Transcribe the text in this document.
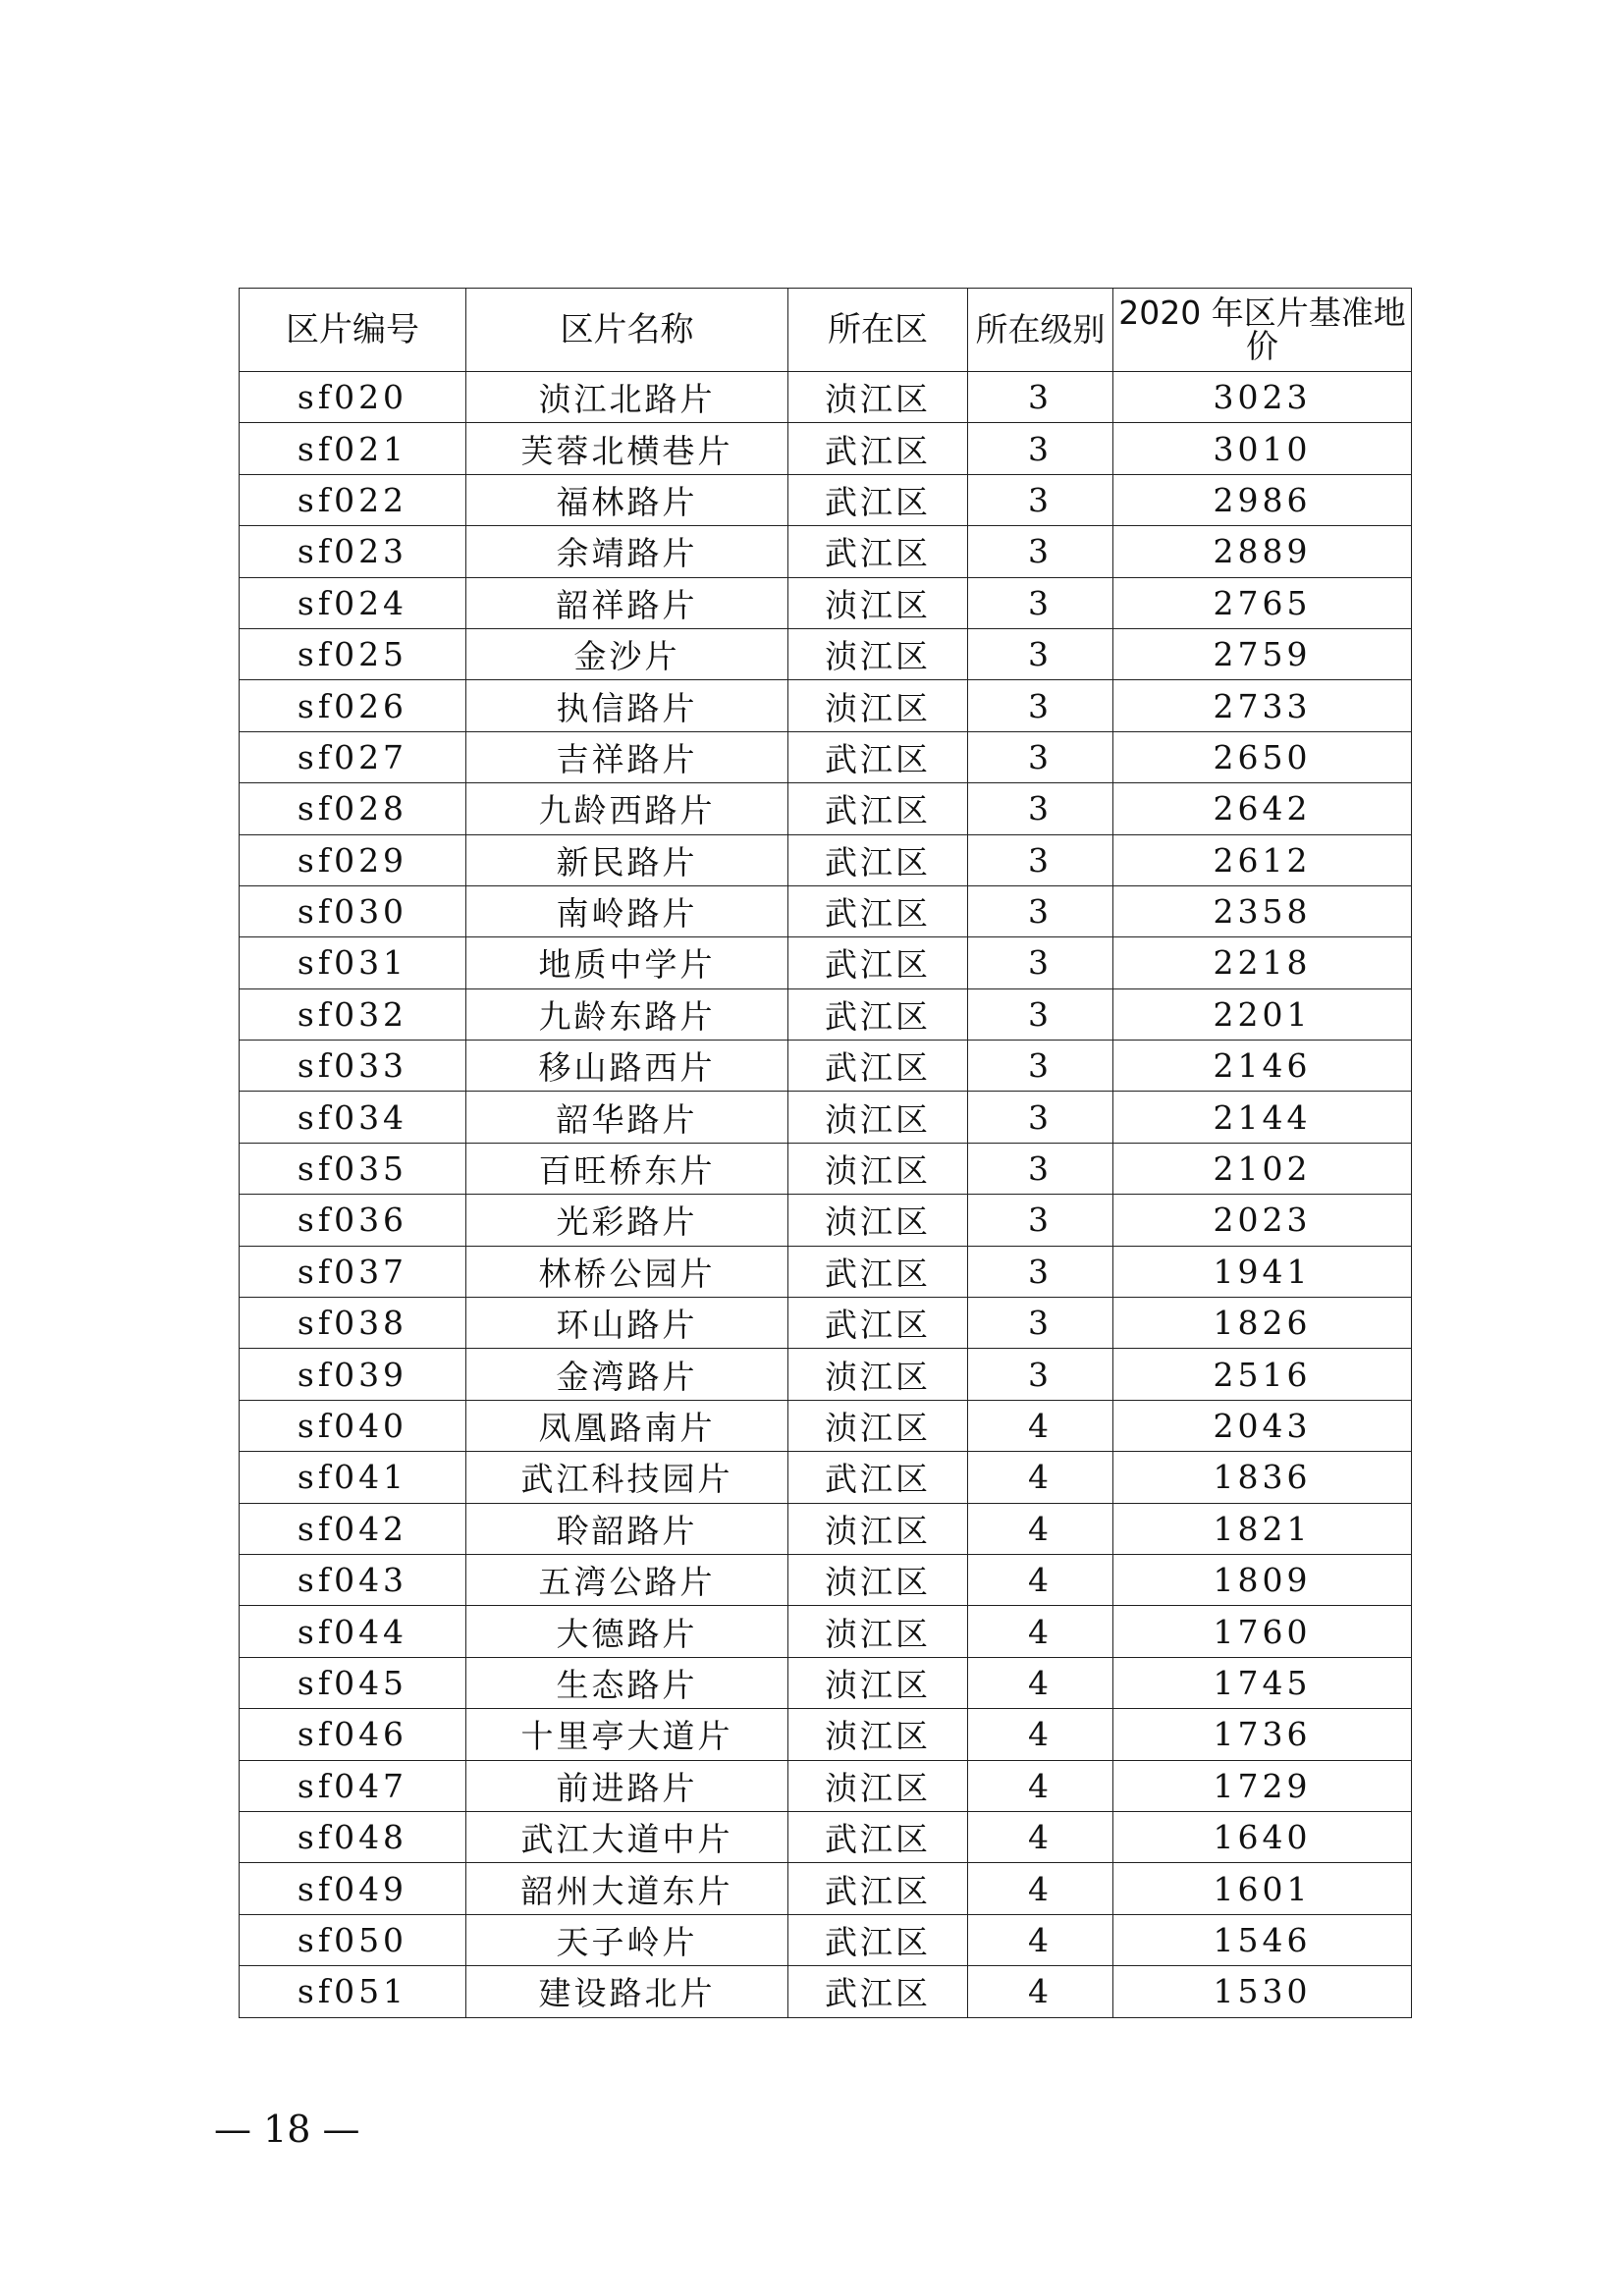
区片编号	区片名称	所在区	所在级别	2020 年区片基准地价
sf020	浈江北路片	浈江区	3	3023
sf021	芙蓉北横巷片	武江区	3	3010
sf022	福林路片	武江区	3	2986
sf023	余靖路片	武江区	3	2889
sf024	韶祥路片	浈江区	3	2765
sf025	金沙片	浈江区	3	2759
sf026	执信路片	浈江区	3	2733
sf027	吉祥路片	武江区	3	2650
sf028	九龄西路片	武江区	3	2642
sf029	新民路片	武江区	3	2612
sf030	南岭路片	武江区	3	2358
sf031	地质中学片	武江区	3	2218
sf032	九龄东路片	武江区	3	2201
sf033	移山路西片	武江区	3	2146
sf034	韶华路片	浈江区	3	2144
sf035	百旺桥东片	浈江区	3	2102
sf036	光彩路片	浈江区	3	2023
sf037	林桥公园片	武江区	3	1941
sf038	环山路片	武江区	3	1826
sf039	金湾路片	浈江区	3	2516
sf040	凤凰路南片	浈江区	4	2043
sf041	武江科技园片	武江区	4	1836
sf042	聆韶路片	浈江区	4	1821
sf043	五湾公路片	浈江区	4	1809
sf044	大德路片	浈江区	4	1760
sf045	生态路片	浈江区	4	1745
sf046	十里亭大道片	浈江区	4	1736
sf047	前进路片	浈江区	4	1729
sf048	武江大道中片	武江区	4	1640
sf049	韶州大道东片	武江区	4	1601
sf050	天子岭片	武江区	4	1546
sf051	建设路北片	武江区	4	1530
— 18 —
